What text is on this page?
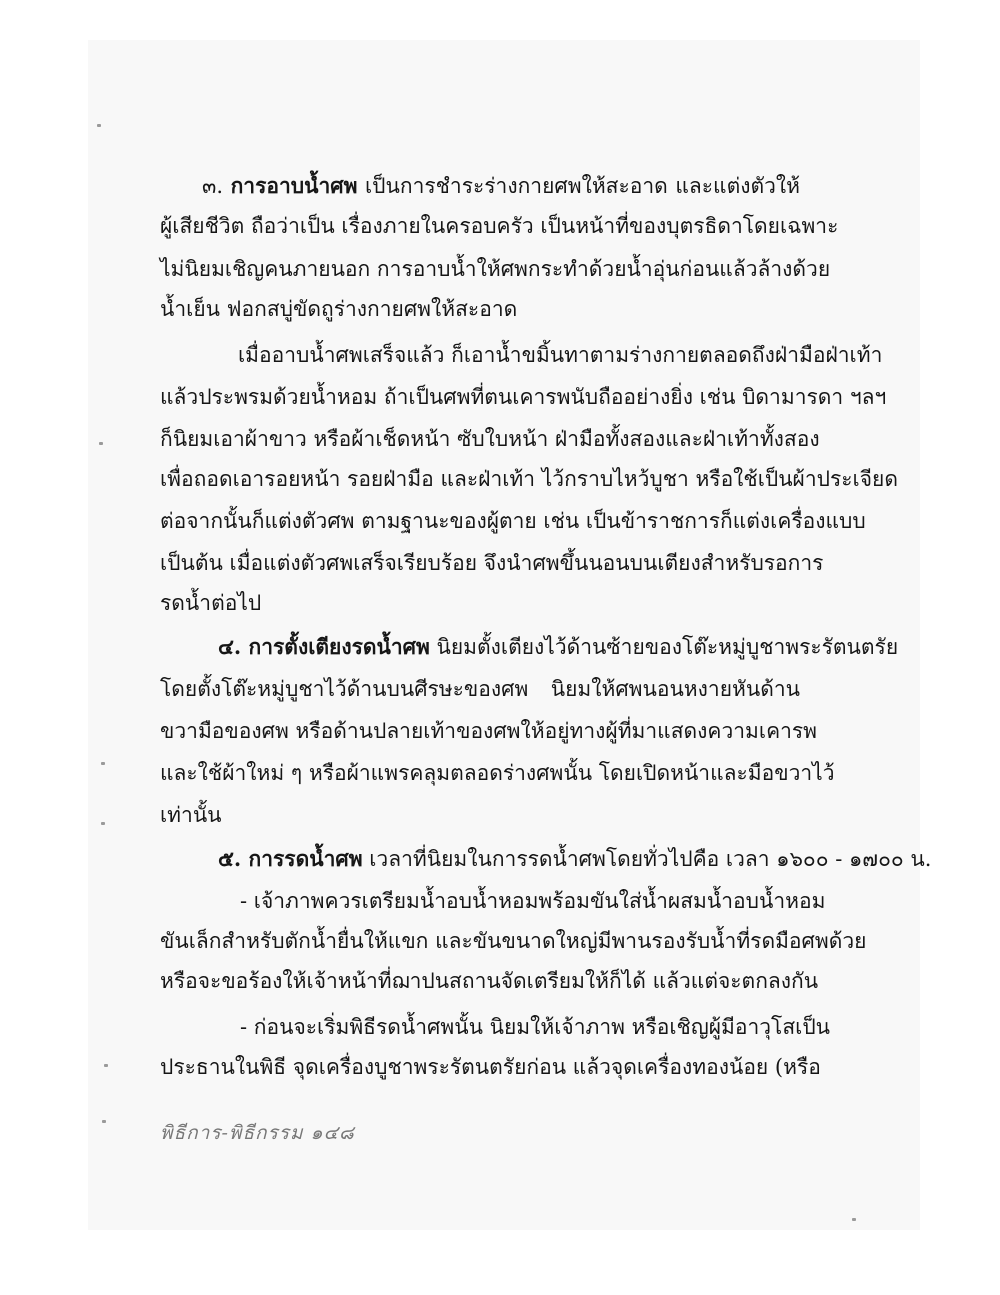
๓. การอาบน้ำศพ เป็นการชำระร่างกายศพให้สะอาด และแต่งตัวให้
ผู้เสียชีวิต ถือว่าเป็น เรื่องภายในครอบครัว เป็นหน้าที่ของบุตรธิดาโดยเฉพาะ
ไม่นิยมเชิญคนภายนอก การอาบน้ำให้ศพกระทำด้วยน้ำอุ่นก่อนแล้วล้างด้วย
น้ำเย็น ฟอกสบู่ขัดถูร่างกายศพให้สะอาด
เมื่ออาบน้ำศพเสร็จแล้ว ก็เอาน้ำขมิ้นทาตามร่างกายตลอดถึงฝ่ามือฝ่าเท้า
แล้วประพรมด้วยน้ำหอม ถ้าเป็นศพที่ตนเคารพนับถืออย่างยิ่ง เช่น บิดามารดา ฯลฯ
ก็นิยมเอาผ้าขาว หรือผ้าเช็ดหน้า ซับใบหน้า ฝ่ามือทั้งสองและฝ่าเท้าทั้งสอง
เพื่อถอดเอารอยหน้า รอยฝ่ามือ และฝ่าเท้า ไว้กราบไหว้บูชา หรือใช้เป็นผ้าประเจียด
ต่อจากนั้นก็แต่งตัวศพ ตามฐานะของผู้ตาย เช่น เป็นข้าราชการก็แต่งเครื่องแบบ
เป็นต้น เมื่อแต่งตัวศพเสร็จเรียบร้อย จึงนำศพขึ้นนอนบนเตียงสำหรับรอการ
รดน้ำต่อไป
๔. การตั้งเตียงรดน้ำศพ นิยมตั้งเตียงไว้ด้านซ้ายของโต๊ะหมู่บูชาพระรัตนตรัย
โดยตั้งโต๊ะหมู่บูชาไว้ด้านบนศีรษะของศพ นิยมให้ศพนอนหงายหันด้าน
ขวามือของศพ หรือด้านปลายเท้าของศพให้อยู่ทางผู้ที่มาแสดงความเคารพ
และใช้ผ้าใหม่ ๆ หรือผ้าแพรคลุมตลอดร่างศพนั้น โดยเปิดหน้าและมือขวาไว้
เท่านั้น
๕. การรดน้ำศพ เวลาที่นิยมในการรดน้ำศพโดยทั่วไปคือ เวลา ๑๖๐๐ - ๑๗๐๐ น.
- เจ้าภาพควรเตรียมน้ำอบน้ำหอมพร้อมขันใส่น้ำผสมน้ำอบน้ำหอม
ขันเล็กสำหรับตักน้ำยื่นให้แขก และขันขนาดใหญ่มีพานรองรับน้ำที่รดมือศพด้วย
หรือจะขอร้องให้เจ้าหน้าที่ฌาปนสถานจัดเตรียมให้ก็ได้ แล้วแต่จะตกลงกัน
- ก่อนจะเริ่มพิธีรดน้ำศพนั้น นิยมให้เจ้าภาพ หรือเชิญผู้มีอาวุโสเป็น
ประธานในพิธี จุดเครื่องบูชาพระรัตนตรัยก่อน แล้วจุดเครื่องทองน้อย (หรือ
พิธีการ-พิธีกรรม ๑๔๘
